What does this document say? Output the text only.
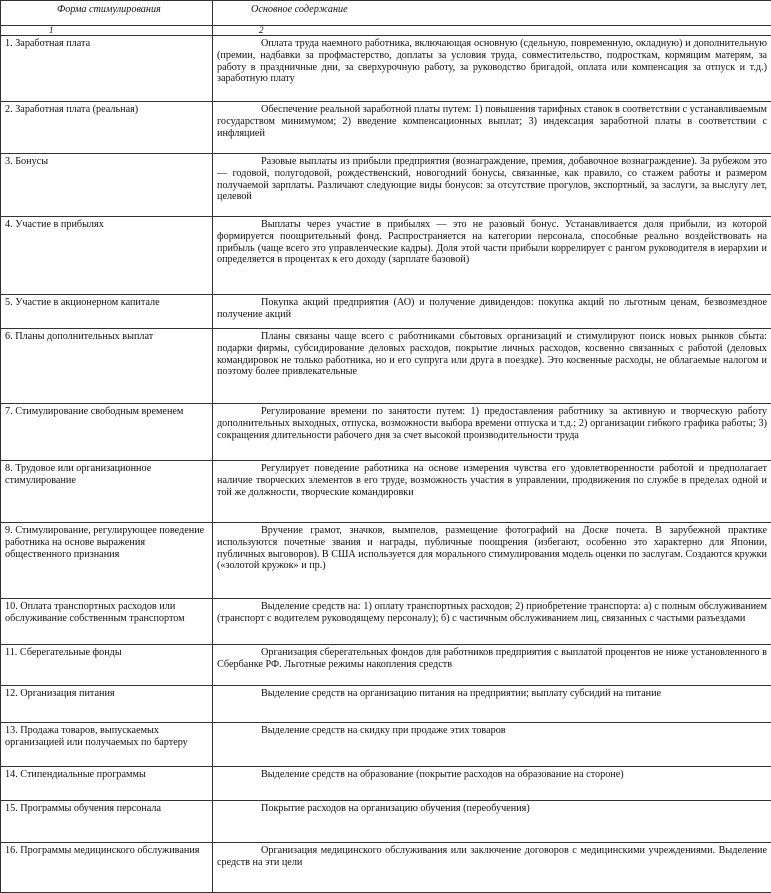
Форма стимулирования	Основное содержание
1	2
1. Заработная плата	Оплата труда наемного работника, включающая основную (сдельную, повременную, окладную) и дополнительную (премии, надбавки за профмастерство, доплаты за условия труда, совместительство, подросткам, кормящим матерям, за работу в праздничные дни, за сверхурочную работу, за руководство бригадой, оплата или компенсация за отпуск и т.д.) заработную плату
2. Заработная плата (реальная)	Обеспечение реальной заработной платы путем: 1) повышения тарифных ставок в соответствии с устанавливаемым государством минимумом; 2) введение компенсационных выплат; 3) индексация заработной платы в соответствии с инфляцией
3. Бонусы	Разовые выплаты из прибыли предприятия (вознаграждение, премия, добавочное вознаграждение). За рубежом это — годовой, полугодовой, рождественский, новогодний бонусы, связанные, как правило, со стажем работы и размером получаемой зарплаты. Различают следующие виды бонусов: за отсутствие прогулов, экспортный, за заслуги, за выслугу лет, целевой
4. Участие в прибылях	Выплаты через участие в прибылях — это не разовый бонус. Устанавливается доля прибыли, из которой формируется поощрительный фонд. Распространяется на категории персонала, способные реально воздействовать на прибыль (чаще всего это управленческие кадры). Доля этой части прибыли коррелирует с рангом руководителя в иерархии и определяется в процентах к его доходу (зарплате базовой)
5. Участие в акционерном капитале	Покупка акций предприятия (АО) и получение дивидендов: покупка акций по льготным ценам, безвозмездное получение акций
6. Планы дополнительных выплат	Планы связаны чаще всего с работниками сбытовых организаций и стимулируют поиск новых рынков сбыта: подарки фирмы, субсидирование деловых расходов, покрытие личных расходов, косвенно связанных с работой (деловых командировок не только работника, но и его супруга или друга в поездке). Это косвенные расходы, не облагаемые налогом и поэтому более привлекательные
7. Стимулирование свободным временем	Регулирование времени по занятости путем: 1) предоставления работнику за активную и творческую работу дополнительных выходных, отпуска, возможности выбора времени отпуска и т.д.; 2) организации гибкого графика работы; 3) сокращения длительности рабочего дня за счет высокой производительности труда
8. Трудовое или организационное стимулирование	Регулирует поведение работника на основе измерения чувства его удовлетворенности работой и предполагает наличие творческих элементов в его труде, возможность участия в управлении, продвижения по службе в пределах одной и той же должности, творческие командировки
9. Стимулирование, регулирующее поведение работника на основе выражения общественного признания	Вручение грамот, значков, вымпелов, размещение фотографий на Доске почета. В зарубежной практике используются почетные звания и награды, публичные поощрения (избегают, особенно это характерно для Японии, публичных выговоров). В США используется для морального стимулирования модель оценки по заслугам. Создаются кружки («золотой кружок» и пр.)
10. Оплата транспортных расходов или обслуживание собственным транспортом	Выделение средств на: 1) оплату транспортных расходов; 2) приобретение транспорта: а) с полным обслуживанием (транспорт с водителем руководящему персоналу); б) с частичным обслуживанием лиц, связанных с частыми разъездами
11. Сберегательные фонды	Организация сберегательных фондов для работников предприятия с выплатой процентов не ниже установленного в Сбербанке РФ. Льготные режимы накопления средств
12. Организация питания	Выделение средств на организацию питания на предприятии; выплату субсидий на питание
13. Продажа товаров, выпускаемых организацией или получаемых по бартеру	Выделение средств на скидку при продаже этих товаров
14. Стипендиальные программы	Выделение средств на образование (покрытие расходов на образование на стороне)
15. Программы обучения персонала	Покрытие расходов на организацию обучения (переобучения)
16. Программы медицинского обслуживания	Организация медицинского обслуживания или заключение договоров с медицинскими учреждениями. Выделение средств на эти цели
